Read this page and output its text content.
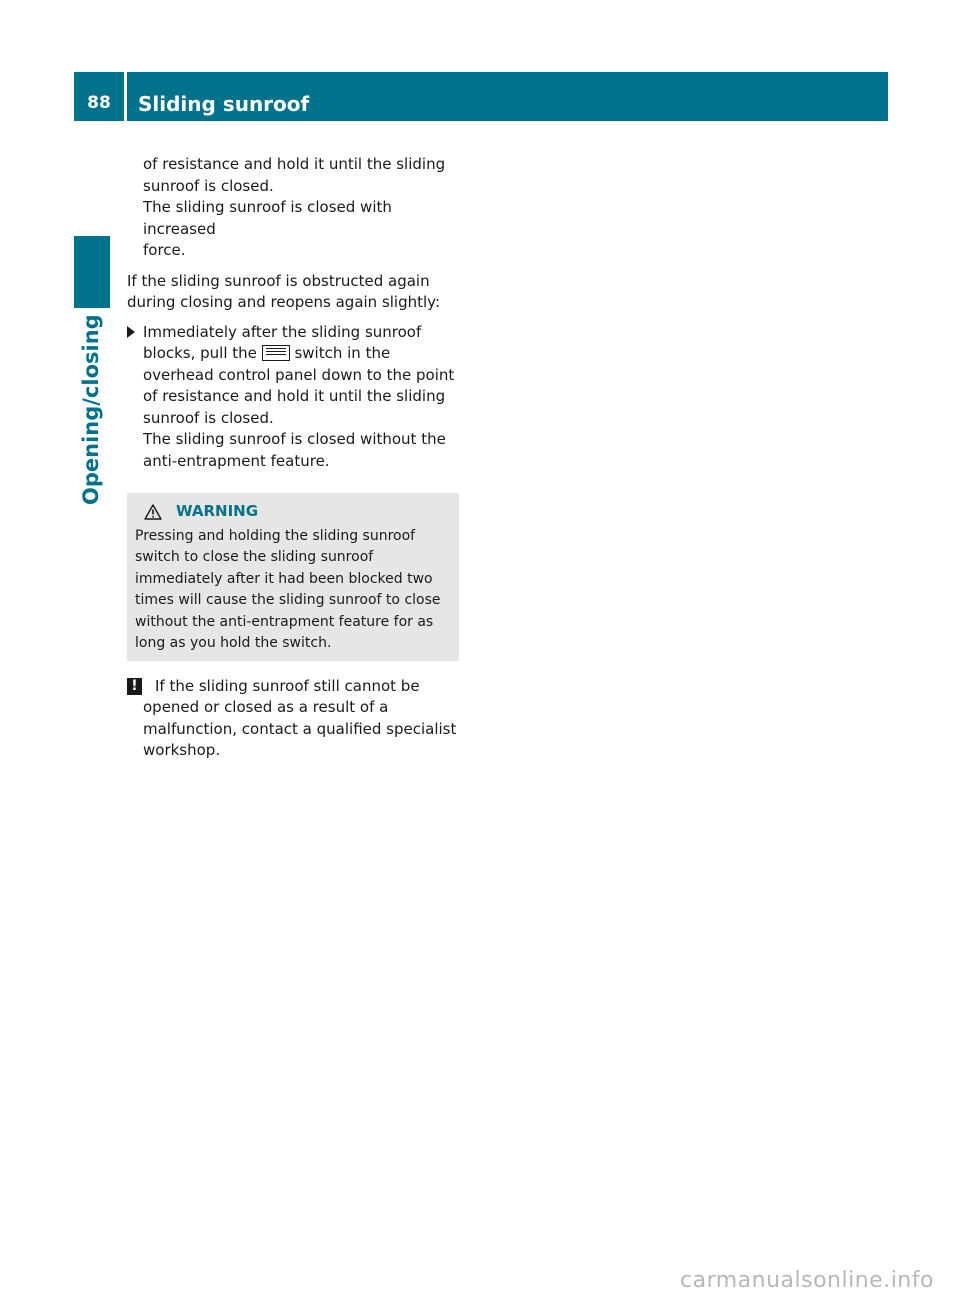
88	Sliding sunroof
Opening/closing

of resistance and hold it until the sliding

sunroof is closed.

The sliding sunroof is closed with increased

force.

If the sliding sunroof is obstructed again

during closing and reopens again slightly:

Immediately after the sliding sunroof

blocks, pull the	switch in the

overhead control panel down to the point

of resistance and hold it until the sliding

sunroof is closed.

The sliding sunroof is closed without the

anti-entrapment feature.

WARNING

Pressing and holding the sliding sunroof

switch to close the sliding sunroof

immediately after it had been blocked two

times will cause the sliding sunroof to close

without the anti-entrapment feature for as

long as you hold the switch.

!	If the sliding sunroof still cannot be

opened or closed as a result of a

malfunction, contact a qualified specialist

workshop.

carmanualsonline.info
